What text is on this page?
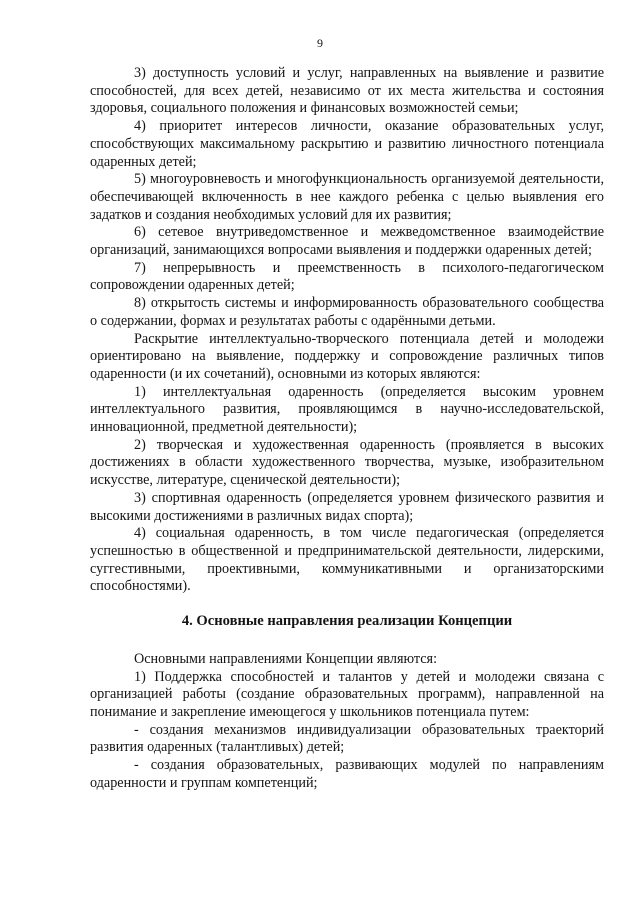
9

3) доступность условий и услуг, направленных на выявление и развитие способностей, для всех детей, независимо от их места жительства и состояния здоровья, социального положения и финансовых возможностей семьи;

4) приоритет интересов личности, оказание образовательных услуг, способствующих максимальному раскрытию и развитию личностного потенциала одаренных детей;

5) многоуровневость и многофункциональность организуемой деятельности, обеспечивающей включенность в нее каждого ребенка с целью выявления его задатков и создания необходимых условий для их развития;

6) сетевое внутриведомственное и межведомственное взаимодействие организаций, занимающихся вопросами выявления и поддержки одаренных детей;

7) непрерывность и преемственность в психолого-педагогическом сопровождении одаренных детей;

8) открытость системы и информированность образовательного сообщества о содержании, формах и результатах работы с одарёнными детьми.

Раскрытие интеллектуально-творческого потенциала детей и молодежи ориентировано на выявление, поддержку и сопровождение различных типов одаренности (и их сочетаний), основными из которых являются:

1) интеллектуальная одаренность (определяется высоким уровнем интеллектуального развития, проявляющимся в научно-исследовательской, инновационной, предметной деятельности);

2) творческая и художественная одаренность (проявляется в высоких достижениях в области художественного творчества, музыке, изобразительном искусстве, литературе, сценической деятельности);

3) спортивная одаренность (определяется уровнем физического развития и высокими достижениями в различных видах спорта);

4) социальная одаренность, в том числе педагогическая (определяется успешностью в общественной и предпринимательской деятельности, лидерскими, суггестивными, проективными, коммуникативными и организаторскими способностями).

4. Основные направления реализации Концепции

Основными направлениями Концепции являются:

1) Поддержка способностей и талантов у детей и молодежи связана с организацией работы (создание образовательных программ), направленной на понимание и закрепление имеющегося у школьников потенциала путем:

- создания механизмов индивидуализации образовательных траекторий развития одаренных (талантливых) детей;

- создания образовательных, развивающих модулей по направлениям одаренности и группам компетенций;
